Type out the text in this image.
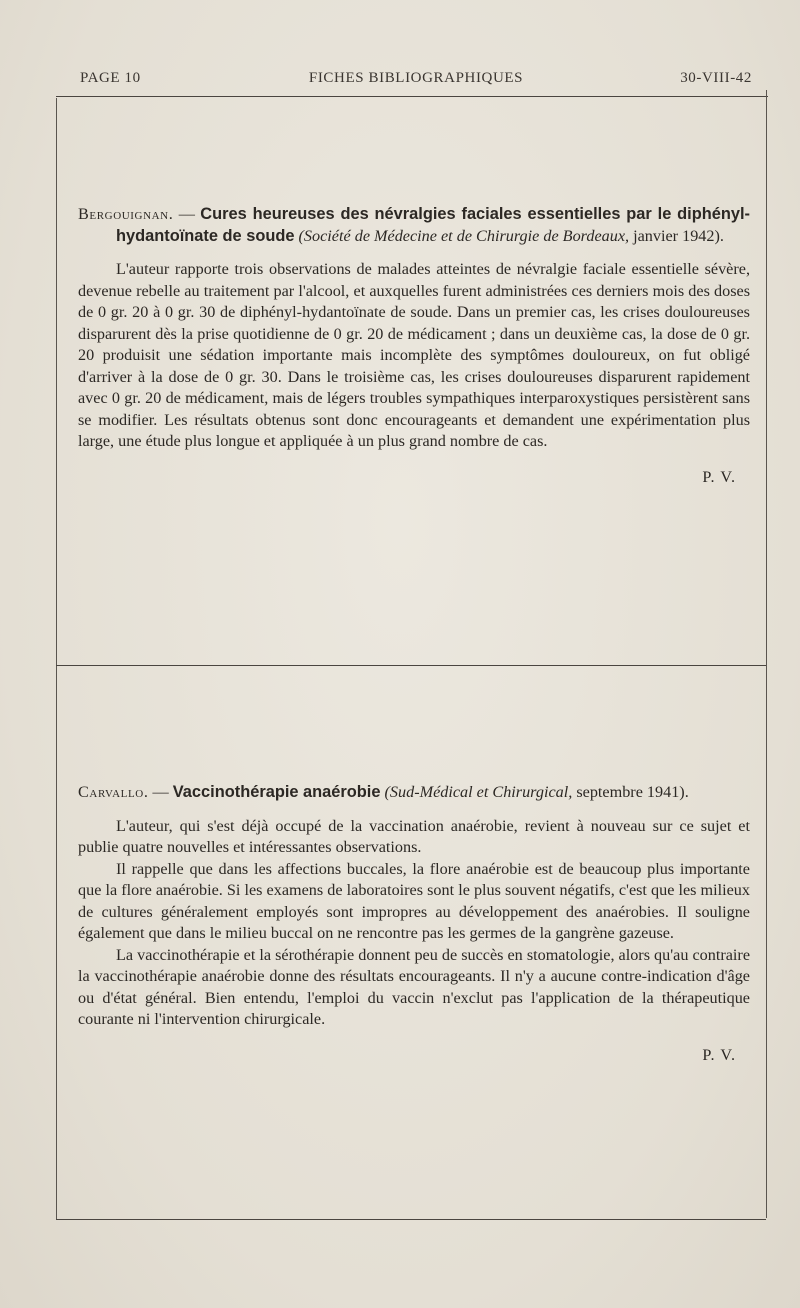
PAGE 10	FICHES BIBLIOGRAPHIQUES	30-VIII-42

Bergouignan. — Cures heureuses des névralgies faciales essentielles par le diphényl-hydantoïnate de soude (Société de Médecine et de Chirurgie de Bordeaux, janvier 1942).

L'auteur rapporte trois observations de malades atteintes de névralgie faciale essentielle sévère, devenue rebelle au traitement par l'alcool, et auxquelles furent administrées ces derniers mois des doses de 0 gr. 20 à 0 gr. 30 de diphényl-hydantoïnate de soude. Dans un premier cas, les crises douloureuses disparurent dès la prise quotidienne de 0 gr. 20 de médicament ; dans un deuxième cas, la dose de 0 gr. 20 produisit une sédation importante mais incomplète des symptômes douloureux, on fut obligé d'arriver à la dose de 0 gr. 30. Dans le troisième cas, les crises douloureuses disparurent rapidement avec 0 gr. 20 de médicament, mais de légers troubles sympathiques interparoxystiques persistèrent sans se modifier. Les résultats obtenus sont donc encourageants et demandent une expérimentation plus large, une étude plus longue et appliquée à un plus grand nombre de cas.

P. V.

Carvallo. — Vaccinothérapie anaérobie (Sud-Médical et Chirurgical, septembre 1941).

L'auteur, qui s'est déjà occupé de la vaccination anaérobie, revient à nouveau sur ce sujet et publie quatre nouvelles et intéressantes observations.

Il rappelle que dans les affections buccales, la flore anaérobie est de beaucoup plus importante que la flore anaérobie. Si les examens de laboratoires sont le plus souvent négatifs, c'est que les milieux de cultures généralement employés sont impropres au développement des anaérobies. Il souligne également que dans le milieu buccal on ne rencontre pas les germes de la gangrène gazeuse.

La vaccinothérapie et la sérothérapie donnent peu de succès en stomatologie, alors qu'au contraire la vaccinothérapie anaérobie donne des résultats encourageants. Il n'y a aucune contre-indication d'âge ou d'état général. Bien entendu, l'emploi du vaccin n'exclut pas l'application de la thérapeutique courante ni l'intervention chirurgicale.

P. V.
